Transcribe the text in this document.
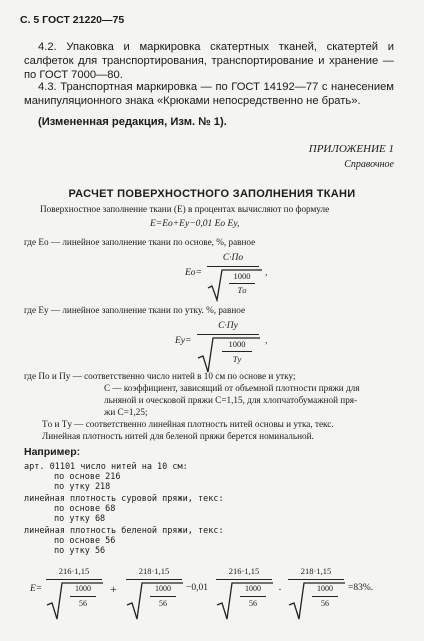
С. 5 ГОСТ 21220—75
4.2. Упаковка и маркировка скатертных тканей, скатертей и салфеток для транспортирования, транспортирование и хранение — по ГОСТ 7000—80.
4.3. Транспортная маркировка — по ГОСТ 14192—77 с нанесением манипуляционного знака «Крюками непосредственно не брать».
(Измененная редакция, Изм. № 1).
ПРИЛОЖЕНИЕ 1
Справочное
РАСЧЕТ ПОВЕРХНОСТНОГО ЗАПОЛНЕНИЯ ТКАНИ
Поверхностное заполнение ткани (E) в процентах вычисляют по формуле
E=Eо+Eу−0,01 Eо Eу,
где Eо — линейное заполнение ткани по основе, %, равное
Eо=
C·Пo
1000
Tо
,
где Eу — линейное заполнение ткани по утку. %, равное
Eу=
C·Пу
1000
Tу
,
где Пo и Пу — соответственно число нитей в 10 см по основе и утку;
C — коэффициент, зависящий от объемной плотности пряжи для
льняной и оческовой пряжи C=1,15, для хлопчатобумажной пря-
жи C=1,25;
Tо и Tу — соответственно линейная плотность нитей основы и утка, текс.
Линейная плотность нитей для беленой пряжи берется номинальной.
Например:
арт. 01101 число нитей на 10 см:
по основе 216
по утку 218
линейная плотность суровой пряжи, текс:
по основе 68
по утку 68
линейная плотность беленой пряжи, текс:
по основе 56
по утку 56
E=
216·1,15
1000
56
+
218·1,15
1000
56
−0,01
216·1,15
1000
56
·
218·1,15
1000
56
=83%.
